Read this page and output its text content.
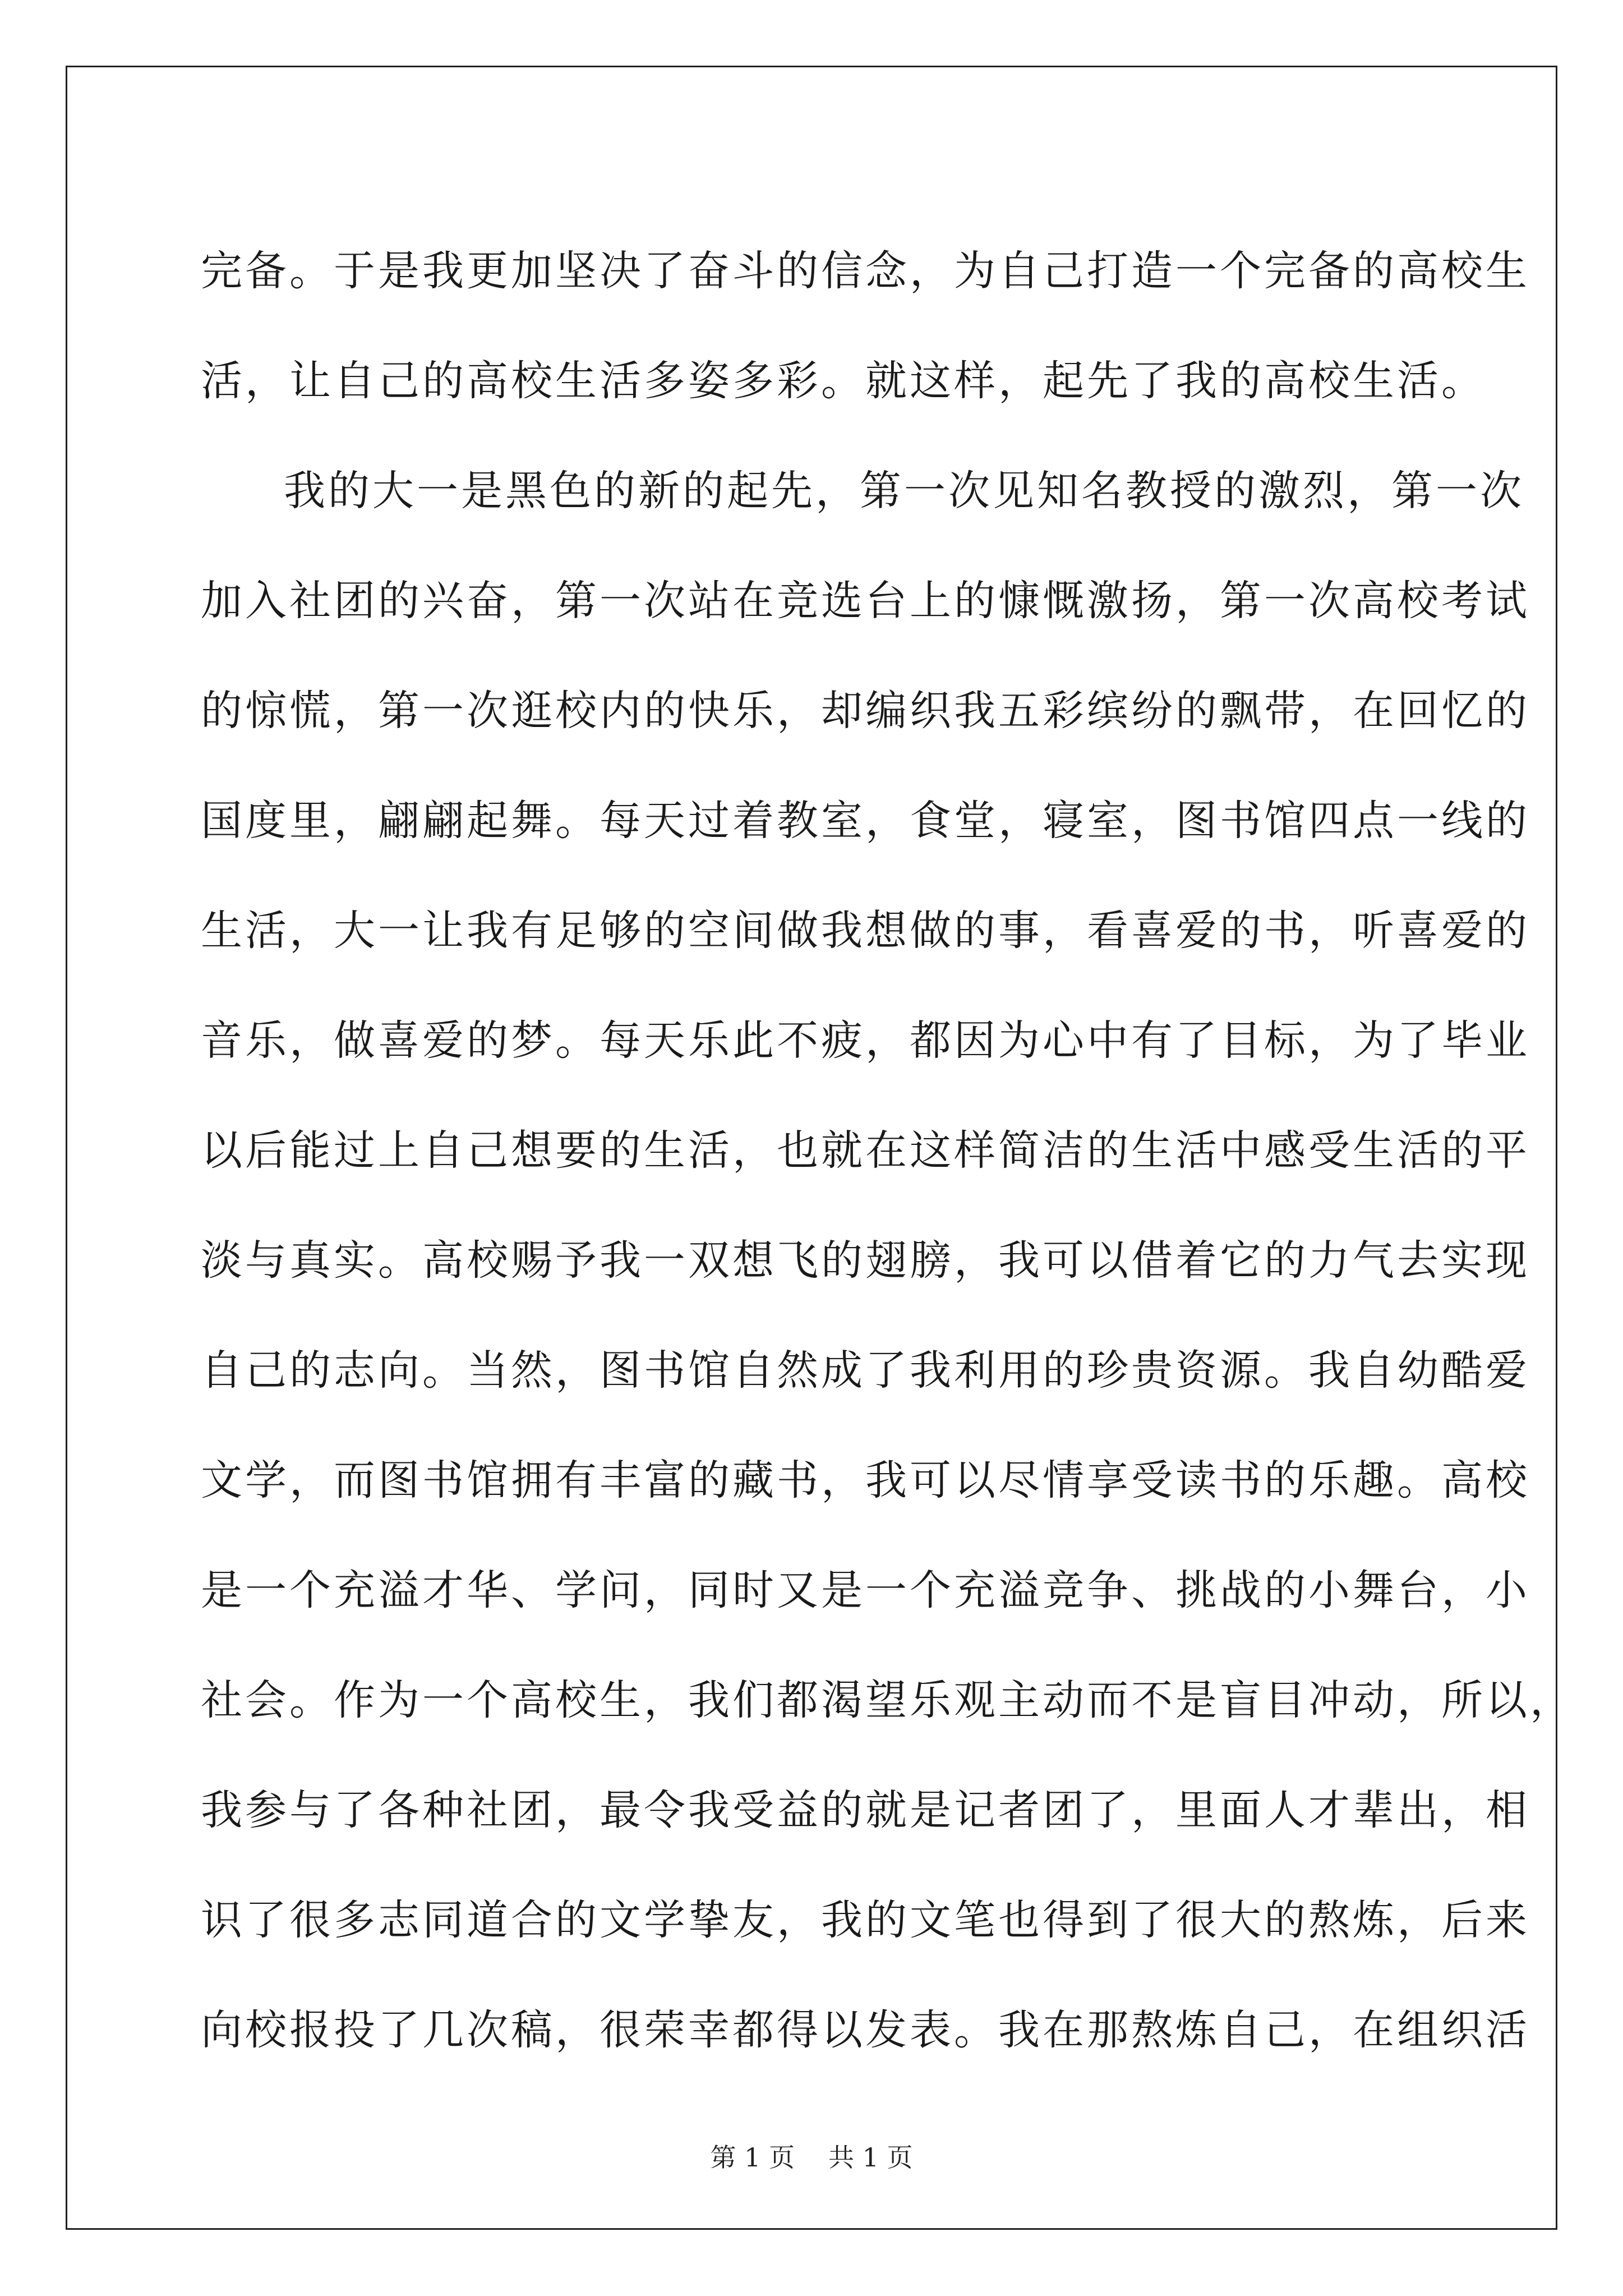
完备。于是我更加坚决了奋斗的信念，为自己打造一个完备的高校生
活，让自己的高校生活多姿多彩。就这样，起先了我的高校生活。
我的大一是黑色的新的起先，第一次见知名教授的激烈，第一次
加入社团的兴奋，第一次站在竞选台上的慷慨激扬，第一次高校考试
的惊慌，第一次逛校内的快乐，却编织我五彩缤纷的飘带，在回忆的
国度里，翩翩起舞。每天过着教室，食堂，寝室，图书馆四点一线的
生活，大一让我有足够的空间做我想做的事，看喜爱的书，听喜爱的
音乐，做喜爱的梦。每天乐此不疲，都因为心中有了目标，为了毕业
以后能过上自己想要的生活，也就在这样简洁的生活中感受生活的平
淡与真实。高校赐予我一双想飞的翅膀，我可以借着它的力气去实现
自己的志向。当然，图书馆自然成了我利用的珍贵资源。我自幼酷爱
文学，而图书馆拥有丰富的藏书，我可以尽情享受读书的乐趣。高校
是一个充溢才华、学问，同时又是一个充溢竞争、挑战的小舞台，小
社会。作为一个高校生，我们都渴望乐观主动而不是盲目冲动，所以，
我参与了各种社团，最令我受益的就是记者团了，里面人才辈出，相
识了很多志同道合的文学挚友，我的文笔也得到了很大的熬炼，后来
向校报投了几次稿，很荣幸都得以发表。我在那熬炼自己，在组织活
第 1 页 共 1 页
